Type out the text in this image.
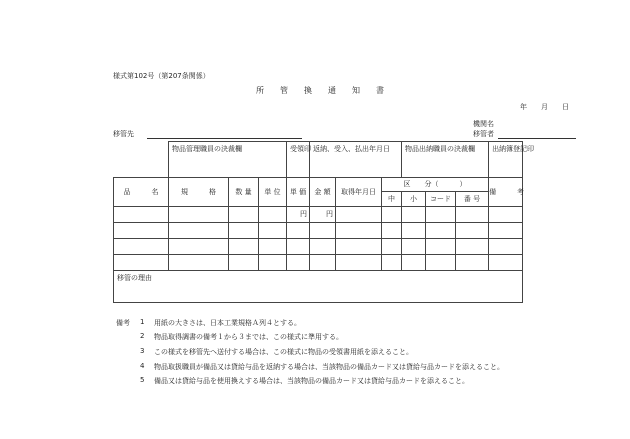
様式第102号（第207条関係）
所　　管　　換　　通　　知　　書
年　　月　　日
機関名
移管者
移管先
	物品管理職員の決裁欄			受領印	返納、受入、払出年月日			物品出納職員の決裁欄			出納簿登記印
品　　　名	規　　　格	数 量	単 位	単 価	金 額	取得年月日	区　　分（　　　）				備　　　考
							中	小	コード	番 号	
				円	円						

移管の理由											
備考 1 用紙の大きさは、日本工業規格Ａ列４とする。
2 物品取得調書の備考１から３までは、この様式に準用する。
3 この様式を移管先へ送付する場合は、この様式に物品の受領書用紙を添えること。
4 物品取扱職員が備品又は貸給与品を返納する場合は、当該物品の備品カード又は貸給与品カードを添えること。
5 備品又は貸給与品を使用換えする場合は、当該物品の備品カード又は貸給与品カードを添えること。
